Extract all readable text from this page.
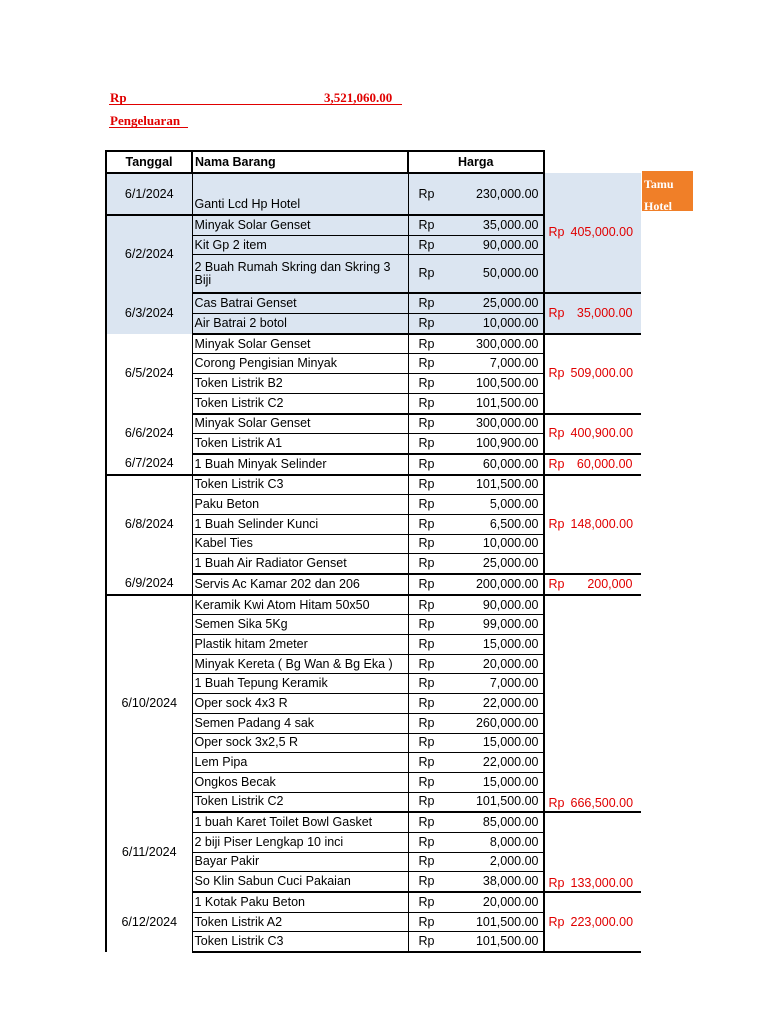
Rp	3,521,060.00
Pengeluaran
Tamu Hotel
Tanggal	Nama Barang	Harga		
6/1/2024	Ganti Lcd Hp Hotel	Rp	230,000.00	Rp 405,000.00
6/2/2024	Minyak Solar Genset	Rp	35,000.00	
	Kit Gp 2 item	Rp	90,000.00	
	2 Buah Rumah Skring dan Skring 3 Biji	Rp	50,000.00	
6/3/2024	Cas Batrai Genset	Rp	25,000.00	Rp 35,000.00
	Air Batrai 2 botol	Rp	10,000.00	
6/5/2024	Minyak Solar Genset	Rp	300,000.00	Rp 509,000.00
	Corong Pengisian Minyak	Rp	7,000.00	
	Token Listrik B2	Rp	100,500.00	
	Token Listrik C2	Rp	101,500.00	
6/6/2024	Minyak Solar Genset	Rp	300,000.00	Rp 400,900.00
	Token Listrik A1	Rp	100,900.00	
6/7/2024	1 Buah Minyak Selinder	Rp	60,000.00	Rp 60,000.00
6/8/2024	Token Listrik C3	Rp	101,500.00	Rp 148,000.00
	Paku Beton	Rp	5,000.00	
	1 Buah Selinder Kunci	Rp	6,500.00	
	Kabel Ties	Rp	10,000.00	
	1 Buah Air Radiator Genset	Rp	25,000.00	
6/9/2024	Servis Ac Kamar 202 dan 206	Rp	200,000.00	Rp 200,000
6/10/2024	Keramik Kwi Atom Hitam 50x50	Rp	90,000.00	
	Semen Sika 5Kg	Rp	99,000.00	
	Plastik hitam 2meter	Rp	15,000.00	
	Minyak Kereta ( Bg Wan & Bg Eka )	Rp	20,000.00	
	1 Buah Tepung Keramik	Rp	7,000.00	
	Oper sock 4x3 R	Rp	22,000.00	
	Semen Padang 4 sak	Rp	260,000.00	
	Oper sock 3x2,5 R	Rp	15,000.00	
	Lem Pipa	Rp	22,000.00	
	Ongkos Becak	Rp	15,000.00	
	Token Listrik C2	Rp	101,500.00	Rp 666,500.00
6/11/2024	1 buah Karet Toilet Bowl Gasket	Rp	85,000.00	
	2 biji Piser Lengkap 10 inci	Rp	8,000.00	
	Bayar Pakir	Rp	2,000.00	
	So Klin Sabun Cuci Pakaian	Rp	38,000.00	Rp 133,000.00
6/12/2024	1 Kotak Paku Beton	Rp	20,000.00	Rp 223,000.00
	Token Listrik A2	Rp	101,500.00	
	Token Listrik C3	Rp	101,500.00	
